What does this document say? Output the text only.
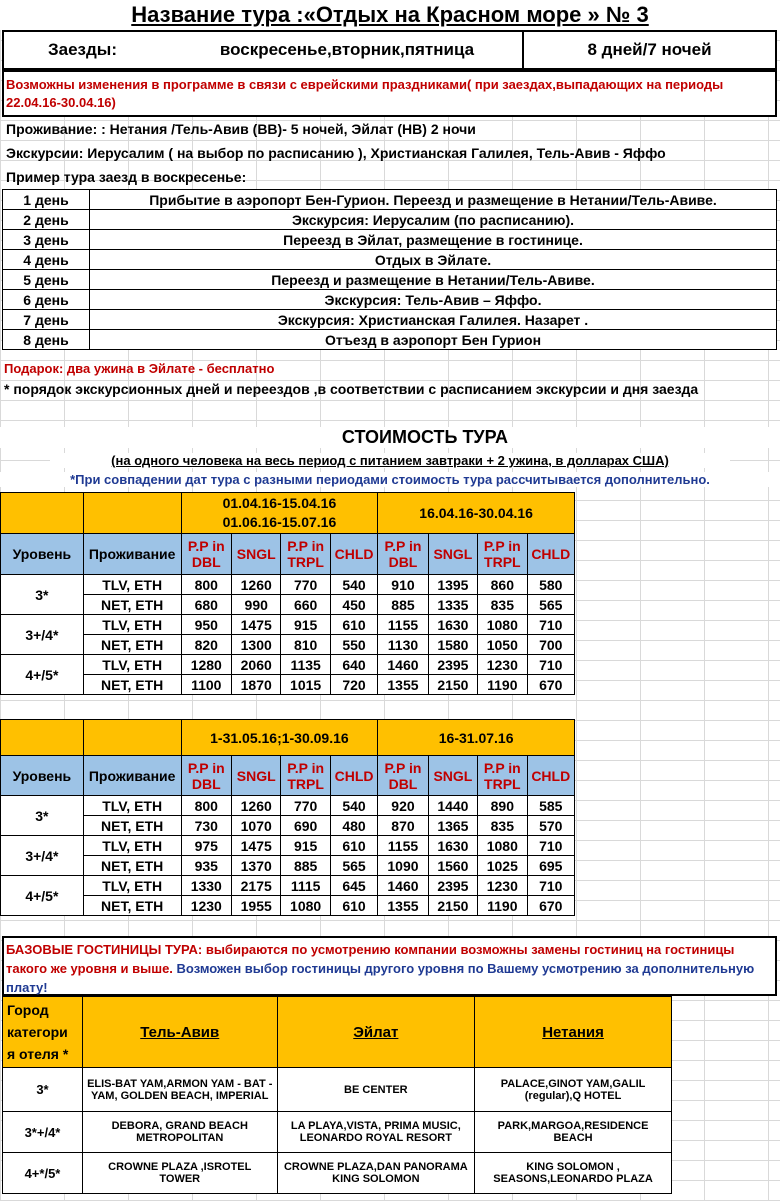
Название тура :«Отдых на Красном море » № 3
Заезды:	воскресенье,вторник,пятница	8 дней/7 ночей
Возможны изменения в программе в связи с еврейскими праздниками( при заездах,выпадающих на периоды 22.04.16-30.04.16)
Проживание: : Нетания /Тель-Авив (BB)- 5 ночей, Эйлат (HB) 2 ночи
Экскурсии: Иерусалим ( на выбор по расписанию ), Христианская Галилея, Тель-Авив - Яффо
Пример тура заезд в воскресенье:
1 день	Прибытие в аэропорт Бен-Гурион. Переезд и размещение в Нетании/Тель-Авиве.
2 день	Экскурсия: Иерусалим (по расписанию).
3 день	Переезд в Эйлат, размещение в гостинице.
4 день	Отдых в Эйлате.
5 день	Переезд и размещение в Нетании/Тель-Авиве.
6 день	Экскурсия: Тель-Авив – Яффо.
7 день	Экскурсия: Христианская Галилея. Назарет .
8 день	Отъезд в аэропорт Бен Гурион
Подарок: два ужина в Эйлате - бесплатно
* порядок экскурсионных дней и переездов ,в соответствии с расписанием экскурсии и дня заезда
СТОИМОСТЬ ТУРА
(на одного человека на весь период с питанием завтраки + 2 ужина, в долларах США)
*При совпадении дат тура с разными периодами стоимость тура рассчитывается дополнительно.
		01.04.16-15.04.16
01.06.16-15.07.16				16.04.16-30.04.16			
Уровень	Проживание	P.P in DBL	SNGL	P.P in TRPL	CHLD	P.P in DBL	SNGL	P.P in TRPL	CHLD
3*	TLV, ETH	800	1260	770	540	910	1395	860	580
	NET, ETH	680	990	660	450	885	1335	835	565
3+/4*	TLV, ETH	950	1475	915	610	1155	1630	1080	710
	NET, ETH	820	1300	810	550	1130	1580	1050	700
4+/5*	TLV, ETH	1280	2060	1135	640	1460	2395	1230	710
	NET, ETH	1100	1870	1015	720	1355	2150	1190	670
		1-31.05.16;1-30.09.16				16-31.07.16			
Уровень	Проживание	P.P in DBL	SNGL	P.P in TRPL	CHLD	P.P in DBL	SNGL	P.P in TRPL	CHLD
3*	TLV, ETH	800	1260	770	540	920	1440	890	585
	NET, ETH	730	1070	690	480	870	1365	835	570
3+/4*	TLV, ETH	975	1475	915	610	1155	1630	1080	710
	NET, ETH	935	1370	885	565	1090	1560	1025	695
4+/5*	TLV, ETH	1330	2175	1115	645	1460	2395	1230	710
	NET, ETH	1230	1955	1080	610	1355	2150	1190	670
БАЗОВЫЕ ГОСТИНИЦЫ ТУРА: выбираются по усмотрению компании возможны замены гостиниц на гостиницы такого же уровня и выше. Возможен выбор гостиницы другого уровня по Вашему усмотрению за дополнительную плату!
Город
категори я отеля *	Тель-Авив	Эйлат	Нетания
3*	ELIS-BAT YAM,ARMON YAM - BAT - YAM, GOLDEN BEACH, IMPERIAL	BE CENTER	PALACE,GINOT YAM,GALIL (regular),Q HOTEL
3*+/4*	DEBORA, GRAND BEACH METROPOLITAN	LA PLAYA,VISTA, PRIMA MUSIC, LEONARDO ROYAL RESORT	PARK,MARGOA,RESIDENCE BEACH
4+*/5*	CROWNE PLAZA ,ISROTEL TOWER	CROWNE PLAZA,DAN PANORAMA KING SOLOMON	KING SOLOMON , SEASONS,LEONARDO PLAZA
